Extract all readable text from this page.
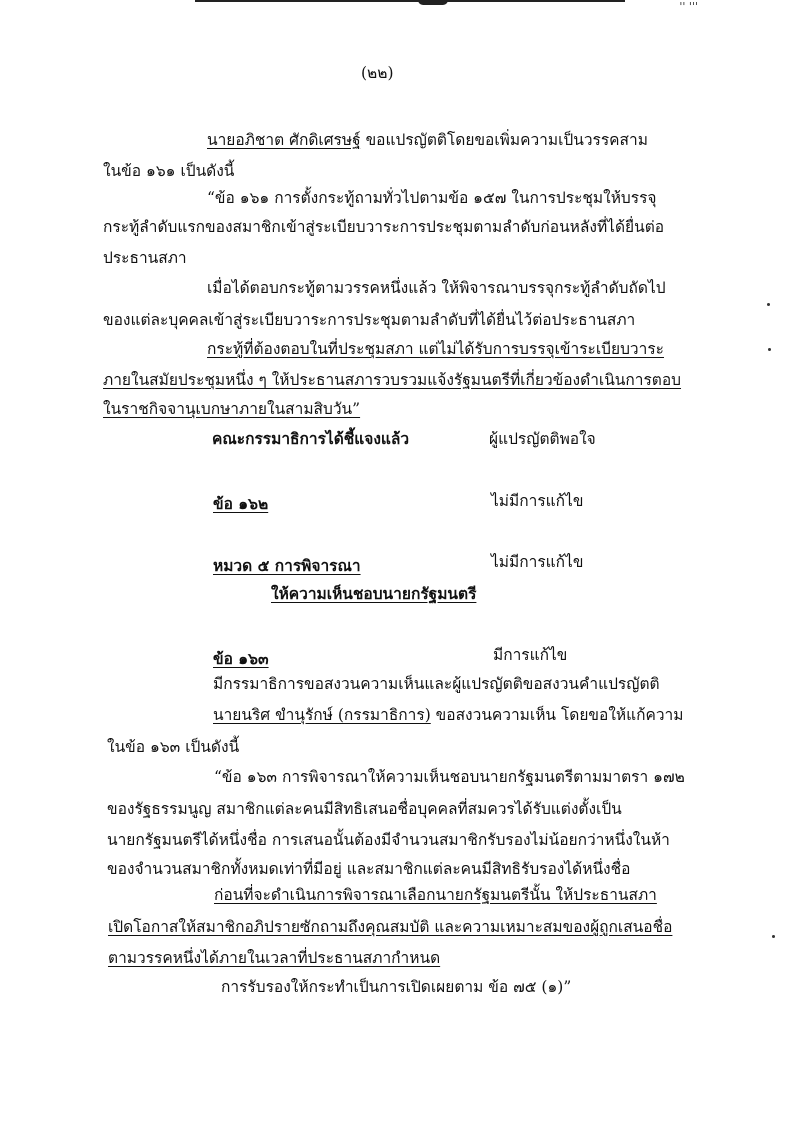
'' '''
(๒๒)
นายอภิชาต ศักดิเศรษฐ์ ขอแปรญัตติโดยขอเพิ่มความเป็นวรรคสาม
ในข้อ ๑๖๑ เป็นดังนี้
“ข้อ ๑๖๑ การตั้งกระทู้ถามทั่วไปตามข้อ ๑๕๗ ในการประชุมให้บรรจุ
กระทู้ลำดับแรกของสมาชิกเข้าสู่ระเบียบวาระการประชุมตามลำดับก่อนหลังที่ได้ยื่นต่อ
ประธานสภา
เมื่อได้ตอบกระทู้ตามวรรคหนึ่งแล้ว ให้พิจารณาบรรจุกระทู้ลำดับถัดไป
ของแต่ละบุคคลเข้าสู่ระเบียบวาระการประชุมตามลำดับที่ได้ยื่นไว้ต่อประธานสภา
กระทู้ที่ต้องตอบในที่ประชุมสภา แต่ไม่ได้รับการบรรจุเข้าระเบียบวาระ
ภายในสมัยประชุมหนึ่ง ๆ ให้ประธานสภารวบรวมแจ้งรัฐมนตรีที่เกี่ยวข้องดำเนินการตอบ
ในราชกิจจานุเบกษาภายในสามสิบวัน”
คณะกรรมาธิการได้ชี้แจงแล้ว	ผู้แปรญัตติพอใจ
ข้อ ๑๖๒	ไม่มีการแก้ไข
หมวด ๕ การพิจารณา	ไม่มีการแก้ไข
ให้ความเห็นชอบนายกรัฐมนตรี
ข้อ ๑๖๓	มีการแก้ไข
มีกรรมาธิการขอสงวนความเห็นและผู้แปรญัตติขอสงวนคำแปรญัตติ
นายนริศ ขำนุรักษ์ (กรรมาธิการ) ขอสงวนความเห็น โดยขอให้แก้ความ
ในข้อ ๑๖๓ เป็นดังนี้
“ข้อ ๑๖๓ การพิจารณาให้ความเห็นชอบนายกรัฐมนตรีตามมาตรา ๑๗๒
ของรัฐธรรมนูญ สมาชิกแต่ละคนมีสิทธิเสนอชื่อบุคคลที่สมควรได้รับแต่งตั้งเป็น
นายกรัฐมนตรีได้หนึ่งชื่อ การเสนอนั้นต้องมีจำนวนสมาชิกรับรองไม่น้อยกว่าหนึ่งในห้า
ของจำนวนสมาชิกทั้งหมดเท่าที่มีอยู่ และสมาชิกแต่ละคนมีสิทธิรับรองได้หนึ่งชื่อ
ก่อนที่จะดำเนินการพิจารณาเลือกนายกรัฐมนตรีนั้น ให้ประธานสภา
เปิดโอกาสให้สมาชิกอภิปรายซักถามถึงคุณสมบัติ และความเหมาะสมของผู้ถูกเสนอชื่อ
ตามวรรคหนึ่งได้ภายในเวลาที่ประธานสภากำหนด
การรับรองให้กระทำเป็นการเปิดเผยตาม ข้อ ๗๕ (๑)”
